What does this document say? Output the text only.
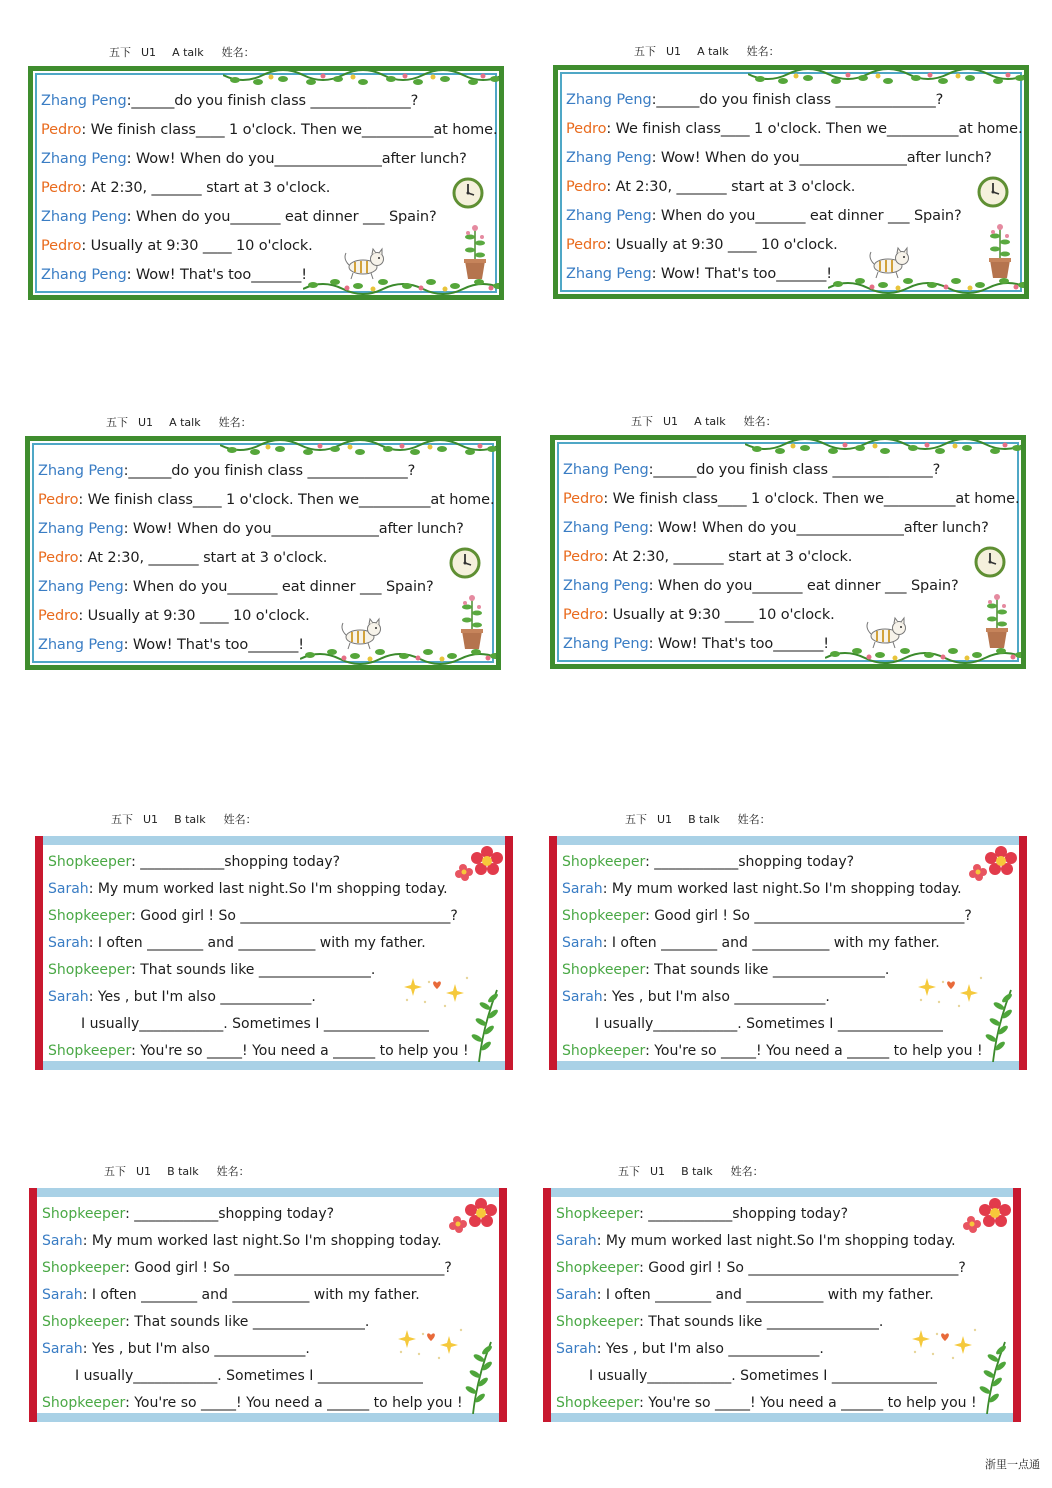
五下 U1 A talk 姓名：	五下 U1 A talk 姓名：
五下 U1 A talk 姓名：	五下 U1 A talk 姓名：
五下 U1 B talk 姓名：	五下 U1 B talk 姓名：
五下 U1 B talk 姓名：	五下 U1 B talk 姓名：
Zhang Peng:______do you finish class ______________?
Pedro: We finish class____ 1 o'clock. Then we__________at home.
Zhang Peng: Wow! When do you_______________after lunch?
Pedro: At 2:30, _______ start at 3 o'clock.
Zhang Peng: When do you_______ eat dinner ___ Spain?
Pedro: Usually at 9:30 ____ 10 o'clock.
Zhang Peng: Wow! That's too_______!
Zhang Peng:______do you finish class ______________?
Pedro: We finish class____ 1 o'clock. Then we__________at home.
Zhang Peng: Wow! When do you_______________after lunch?
Pedro: At 2:30, _______ start at 3 o'clock.
Zhang Peng: When do you_______ eat dinner ___ Spain?
Pedro: Usually at 9:30 ____ 10 o'clock.
Zhang Peng: Wow! That's too_______!
Zhang Peng:______do you finish class ______________?
Pedro: We finish class____ 1 o'clock. Then we__________at home.
Zhang Peng: Wow! When do you_______________after lunch?
Pedro: At 2:30, _______ start at 3 o'clock.
Zhang Peng: When do you_______ eat dinner ___ Spain?
Pedro: Usually at 9:30 ____ 10 o'clock.
Zhang Peng: Wow! That's too_______!
Zhang Peng:______do you finish class ______________?
Pedro: We finish class____ 1 o'clock. Then we__________at home.
Zhang Peng: Wow! When do you_______________after lunch?
Pedro: At 2:30, _______ start at 3 o'clock.
Zhang Peng: When do you_______ eat dinner ___ Spain?
Pedro: Usually at 9:30 ____ 10 o'clock.
Zhang Peng: Wow! That's too_______!
Shopkeeper: ____________shopping today?
Sarah: My mum worked last night.So I'm shopping today.
Shopkeeper: Good girl ! So ______________________________?
Sarah: I often ________ and ___________ with my father.
Shopkeeper: That sounds like ________________.
Sarah: Yes , but I'm also _____________.
I usually____________. Sometimes I _______________
Shopkeeper: You're so _____! You need a ______ to help you !
Shopkeeper: ____________shopping today?
Sarah: My mum worked last night.So I'm shopping today.
Shopkeeper: Good girl ! So ______________________________?
Sarah: I often ________ and ___________ with my father.
Shopkeeper: That sounds like ________________.
Sarah: Yes , but I'm also _____________.
I usually____________. Sometimes I _______________
Shopkeeper: You're so _____! You need a ______ to help you !
Shopkeeper: ____________shopping today?
Sarah: My mum worked last night.So I'm shopping today.
Shopkeeper: Good girl ! So ______________________________?
Sarah: I often ________ and ___________ with my father.
Shopkeeper: That sounds like ________________.
Sarah: Yes , but I'm also _____________.
I usually____________. Sometimes I _______________
Shopkeeper: You're so _____! You need a ______ to help you !
Shopkeeper: ____________shopping today?
Sarah: My mum worked last night.So I'm shopping today.
Shopkeeper: Good girl ! So ______________________________?
Sarah: I often ________ and ___________ with my father.
Shopkeeper: That sounds like ________________.
Sarah: Yes , but I'm also _____________.
I usually____________. Sometimes I _______________
Shopkeeper: You're so _____! You need a ______ to help you !
浙里一点通
